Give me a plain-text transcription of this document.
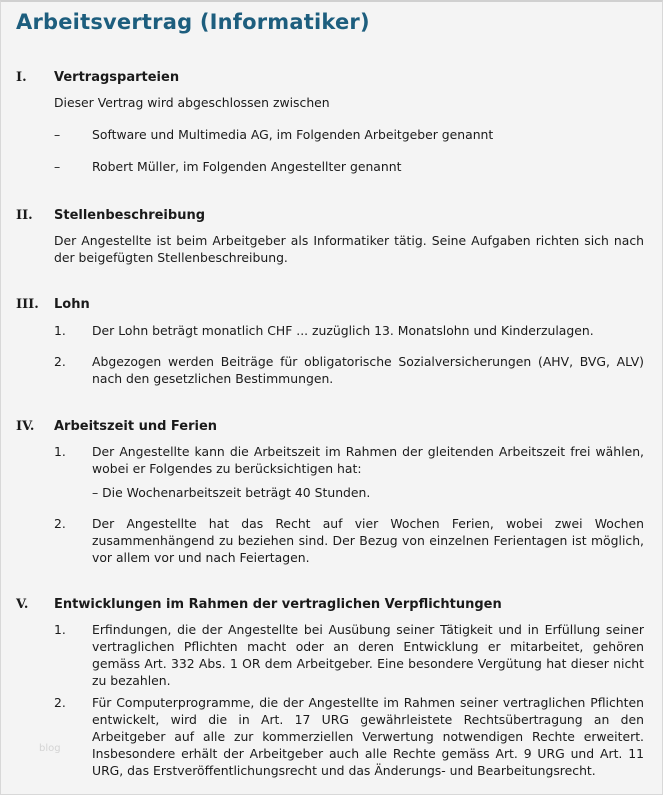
Arbeitsvertrag (Informatiker)
I. Vertragsparteien
Dieser Vertrag wird abgeschlossen zwischen
–	Software und Multimedia AG, im Folgenden Arbeitgeber genannt
–	Robert Müller, im Folgenden Angestellter genannt
II. Stellenbeschreibung
Der Angestellte ist beim Arbeitgeber als Informatiker tätig. Seine Aufgaben richten sich nach der beigefügten Stellenbeschreibung.
III. Lohn
1. Der Lohn beträgt monatlich CHF ... zuzüglich 13. Monatslohn und Kinderzulagen.
2. Abgezogen werden Beiträge für obligatorische Sozialversicherungen (AHV, BVG, ALV) nach den gesetzlichen Bestimmungen.
IV. Arbeitszeit und Ferien
1. Der Angestellte kann die Arbeitszeit im Rahmen der gleitenden Arbeitszeit frei wählen, wobei er Folgendes zu berücksichtigen hat:
– Die Wochenarbeitszeit beträgt 40 Stunden.
2. Der Angestellte hat das Recht auf vier Wochen Ferien, wobei zwei Wochen zusammenhängend zu beziehen sind. Der Bezug von einzelnen Ferientagen ist möglich, vor allem vor und nach Feiertagen.
V. Entwicklungen im Rahmen der vertraglichen Verpflichtungen
1. Erfindungen, die der Angestellte bei Ausübung seiner Tätigkeit und in Erfüllung seiner vertraglichen Pflichten macht oder an deren Entwicklung er mitarbeitet, gehören gemäss Art. 332 Abs. 1 OR dem Arbeitgeber. Eine besondere Vergütung hat dieser nicht zu bezahlen.
2. Für Computerprogramme, die der Angestellte im Rahmen seiner vertraglichen Pflichten entwickelt, wird die in Art. 17 URG gewährleistete Rechtsübertragung an den Arbeitgeber auf alle zur kommerziellen Verwertung notwendigen Rechte erweitert. Insbesondere erhält der Arbeitgeber auch alle Rechte gemäss Art. 9 URG und Art. 11 URG, das Erstveröffentlichungsrecht und das Änderungs- und Bearbeitungsrecht.
blog
